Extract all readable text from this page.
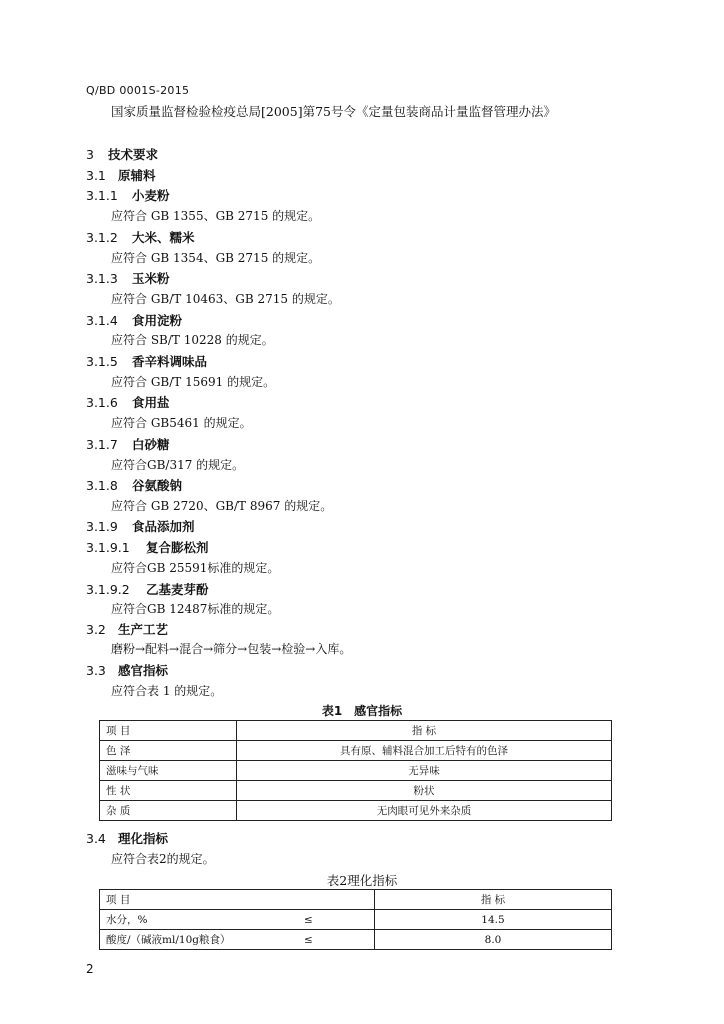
Q/BD 0001S-2015
国家质量监督检验检疫总局[2005]第75号令《定量包装商品计量监督管理办法》
3 技术要求
3.1 原辅料
3.1.1 小麦粉
应符合 GB 1355、GB 2715 的规定。
3.1.2 大米、糯米
应符合 GB 1354、GB 2715 的规定。
3.1.3 玉米粉
应符合 GB/T 10463、GB 2715 的规定。
3.1.4 食用淀粉
应符合 SB/T 10228 的规定。
3.1.5 香辛料调味品
应符合 GB/T 15691 的规定。
3.1.6 食用盐
应符合 GB5461 的规定。
3.1.7 白砂糖
应符合GB/317 的规定。
3.1.8 谷氨酸钠
应符合 GB 2720、GB/T 8967 的规定。
3.1.9 食品添加剂
3.1.9.1 复合膨松剂
应符合GB 25591标准的规定。
3.1.9.2 乙基麦芽酚
应符合GB 12487标准的规定。
3.2 生产工艺
磨粉→配料→混合→筛分→包装→检验→入库。
3.3 感官指标
应符合表 1 的规定。
表1　感官指标
项 目	指 标
色 泽	具有原、辅料混合加工后特有的色泽
滋味与气味	无异味
性 状	粉状
杂 质	无肉眼可见外来杂质
3.4 理化指标
应符合表2的规定。
表2理化指标
项 目		指 标
水分，%	≤	14.5
酸度/（碱液ml/10g粮食）	≤	8.0
2
